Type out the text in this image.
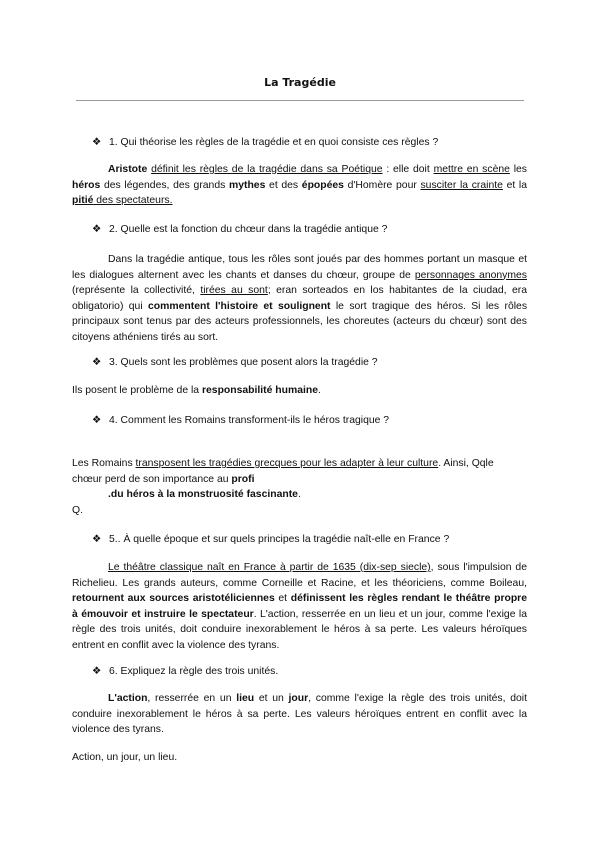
La Tragédie
❖ 1. Qui théorise les règles de la tragédie et en quoi consiste ces règles ?
Aristote définit les règles de la tragédie dans sa Poétique : elle doit mettre en scène les héros des légendes, des grands mythes et des épopées d'Homère pour susciter la crainte et la pitié des spectateurs.
❖ 2. Quelle est la fonction du chœur dans la tragédie antique ?
Dans la tragédie antique, tous les rôles sont joués par des hommes portant un masque et les dialogues alternent avec les chants et danses du chœur, groupe de personnages anonymes (représente la collectivité, tirées au sont; eran sorteados en los habitantes de la ciudad, era obligatorio) qui commentent l'histoire et soulignent le sort tragique des héros. Si les rôles principaux sont tenus par des acteurs professionnels, les choreutes (acteurs du chœur) sont des citoyens athéniens tirés au sort.
❖ 3. Quels sont les problèmes que posent alors la tragédie ?
Ils posent le problème de la responsabilité humaine.
❖ 4. Comment les Romains transforment-ils le héros tragique ?
Les Romains transposent les tragédies grecques pour les adapter à leur culture. Ainsi, Qqle
chœur perd de son importance au profi
.du héros à la monstruosité fascinante.
Q.
❖ 5.. À quelle époque et sur quels principes la tragédie naît-elle en France ?
Le théâtre classique naît en France à partir de 1635 (dix-sep siecle), sous l'impulsion de Richelieu. Les grands auteurs, comme Corneille et Racine, et les théoriciens, comme Boileau, retournent aux sources aristotéliciennes et définissent les règles rendant le théâtre propre à émouvoir et instruire le spectateur. L'action, resserrée en un lieu et un jour, comme l'exige la règle des trois unités, doit conduire inexorablement le héros à sa perte. Les valeurs héroïques entrent en conflit avec la violence des tyrans.
❖ 6. Expliquez la règle des trois unités.
L'action, resserrée en un lieu et un jour, comme l'exige la règle des trois unités, doit conduire inexorablement le héros à sa perte. Les valeurs héroïques entrent en conflit avec la violence des tyrans.
Action, un jour, un lieu.
